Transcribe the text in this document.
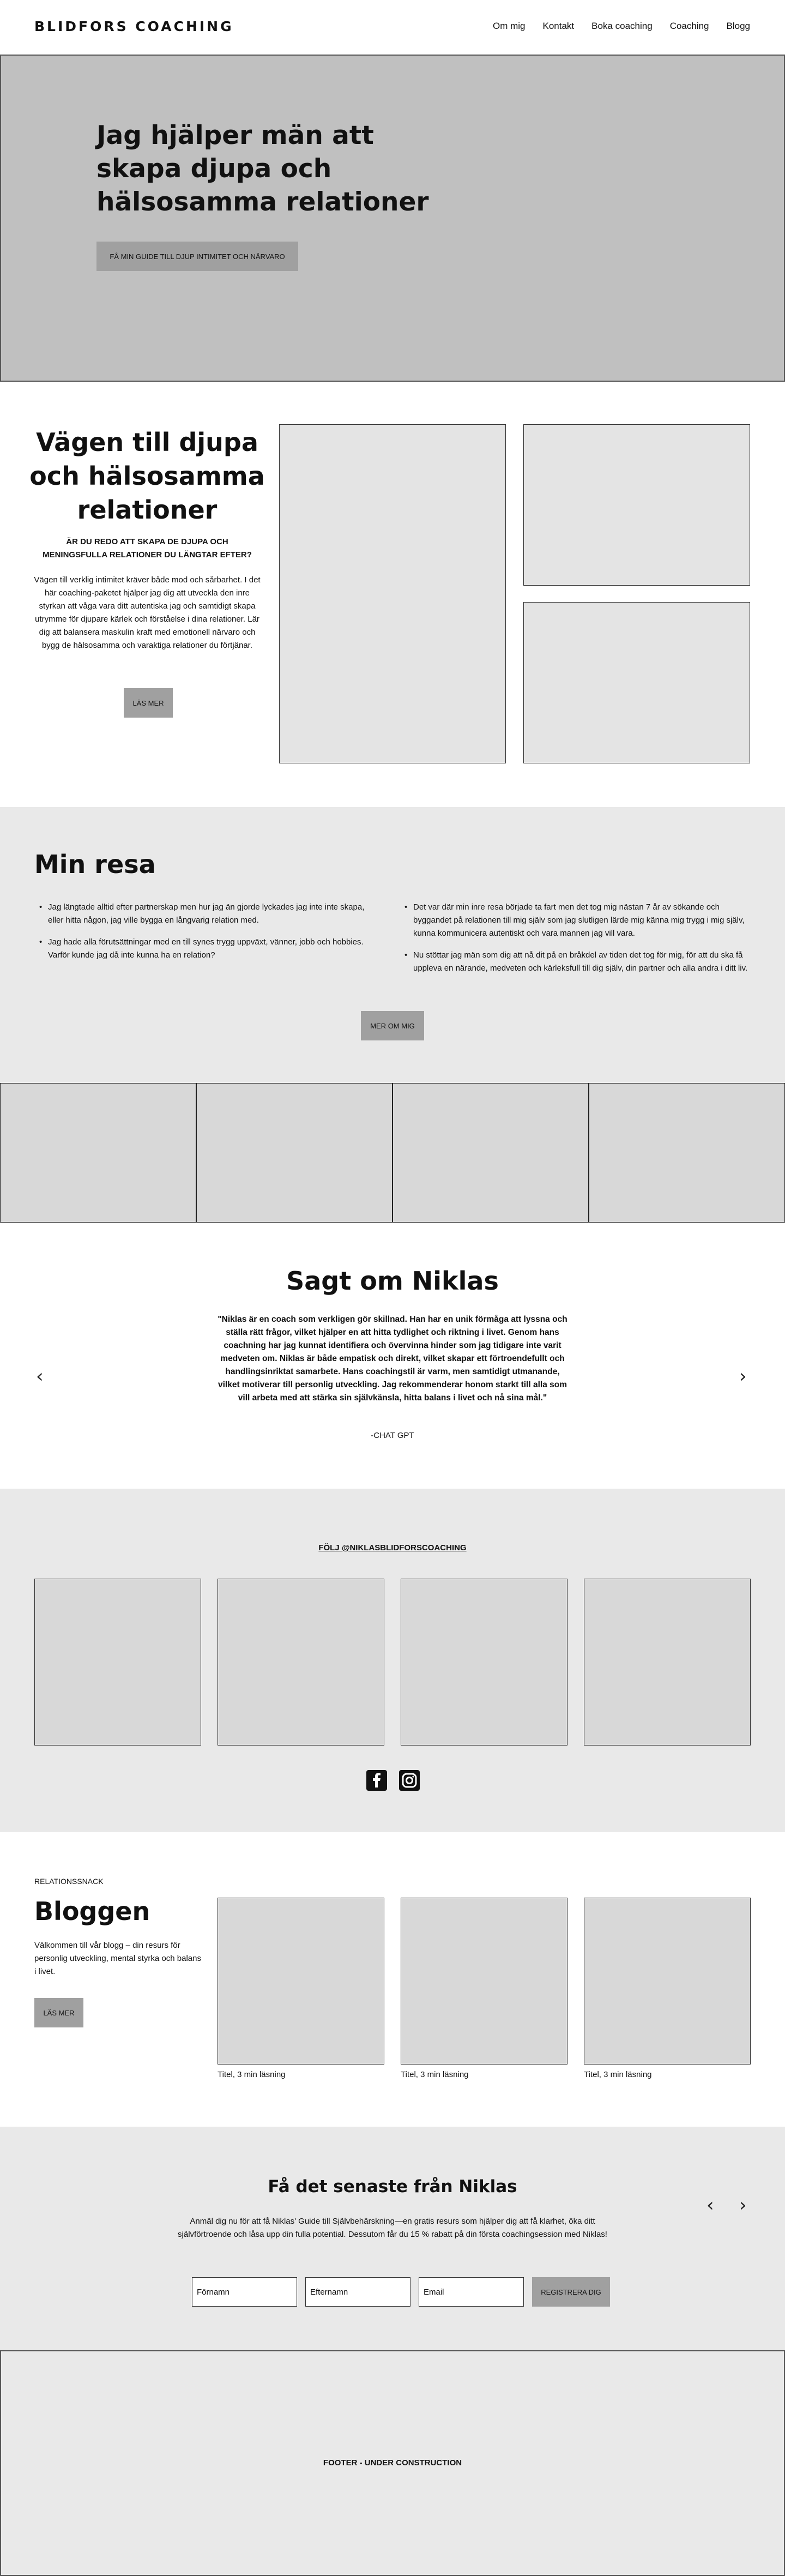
BLIDFORS COACHING	Om mig Kontakt Boka coaching Coaching Blogg
Jag hjälper män att skapa djupa och hälsosamma relationer
FÅ MIN GUIDE TILL DJUP INTIMITET OCH NÄRVARO
Vägen till djupa och hälsosamma relationer
ÄR DU REDO ATT SKAPA DE DJUPA OCH MENINGSFULLA RELATIONER DU LÄNGTAR EFTER?

Vägen till verklig intimitet kräver både mod och sårbarhet. I det här coaching-paketet hjälper jag dig att utveckla den inre styrkan att våga vara ditt autentiska jag och samtidigt skapa utrymme för djupare kärlek och förståelse i dina relationer. Lär dig att balansera maskulin kraft med emotionell närvaro och bygg de hälsosamma och varaktiga relationer du förtjänar.

LÄS MER
Min resa
• Jag längtade alltid efter partnerskap men hur jag än gjorde lyckades jag inte inte skapa, eller hitta någon, jag ville bygga en långvarig relation med.
• Jag hade alla förutsättningar med en till synes trygg uppväxt, vänner, jobb och hobbies. Varför kunde jag då inte kunna ha en relation?
• Det var där min inre resa började ta fart men det tog mig nästan 7 år av sökande och byggandet på relationen till mig själv som jag slutligen lärde mig känna mig trygg i mig själv, kunna kommunicera autentiskt och vara mannen jag vill vara.
• Nu stöttar jag män som dig att nå dit på en bråkdel av tiden det tog för mig, för att du ska få uppleva en närande, medveten och kärleksfull till dig själv, din partner och alla andra i ditt liv.
MER OM MIG
Sagt om Niklas

"Niklas är en coach som verkligen gör skillnad. Han har en unik förmåga att lyssna och ställa rätt frågor, vilket hjälper en att hitta tydlighet och riktning i livet. Genom hans coachning har jag kunnat identifiera och övervinna hinder som jag tidigare inte varit medveten om. Niklas är både empatisk och direkt, vilket skapar ett förtroendefullt och handlingsinriktat samarbete. Hans coachingstil är varm, men samtidigt utmanande, vilket motiverar till personlig utveckling. Jag rekommenderar honom starkt till alla som vill arbeta med att stärka sin självkänsla, hitta balans i livet och nå sina mål."

-CHAT GPT
‹	›
FÖLJ @NIKLASBLIDFORSCOACHING
RELATIONSSNACK
Bloggen

Välkommen till vår blogg – din resurs för personlig utveckling, mental styrka och balans i livet.

LÄS MER
Titel, 3 min läsning	Titel, 3 min läsning	Titel, 3 min läsning
Få det senaste från Niklas

Anmäl dig nu för att få Niklas' Guide till Självbehärskning—en gratis resurs som hjälper dig att få klarhet, öka ditt självförtroende och låsa upp din fulla potential. Dessutom får du 15 % rabatt på din första coachingsession med Niklas!

Förnamn
Efternamn
Email
REGISTRERA DIG
‹ ›
FOOTER - UNDER CONSTRUCTION
